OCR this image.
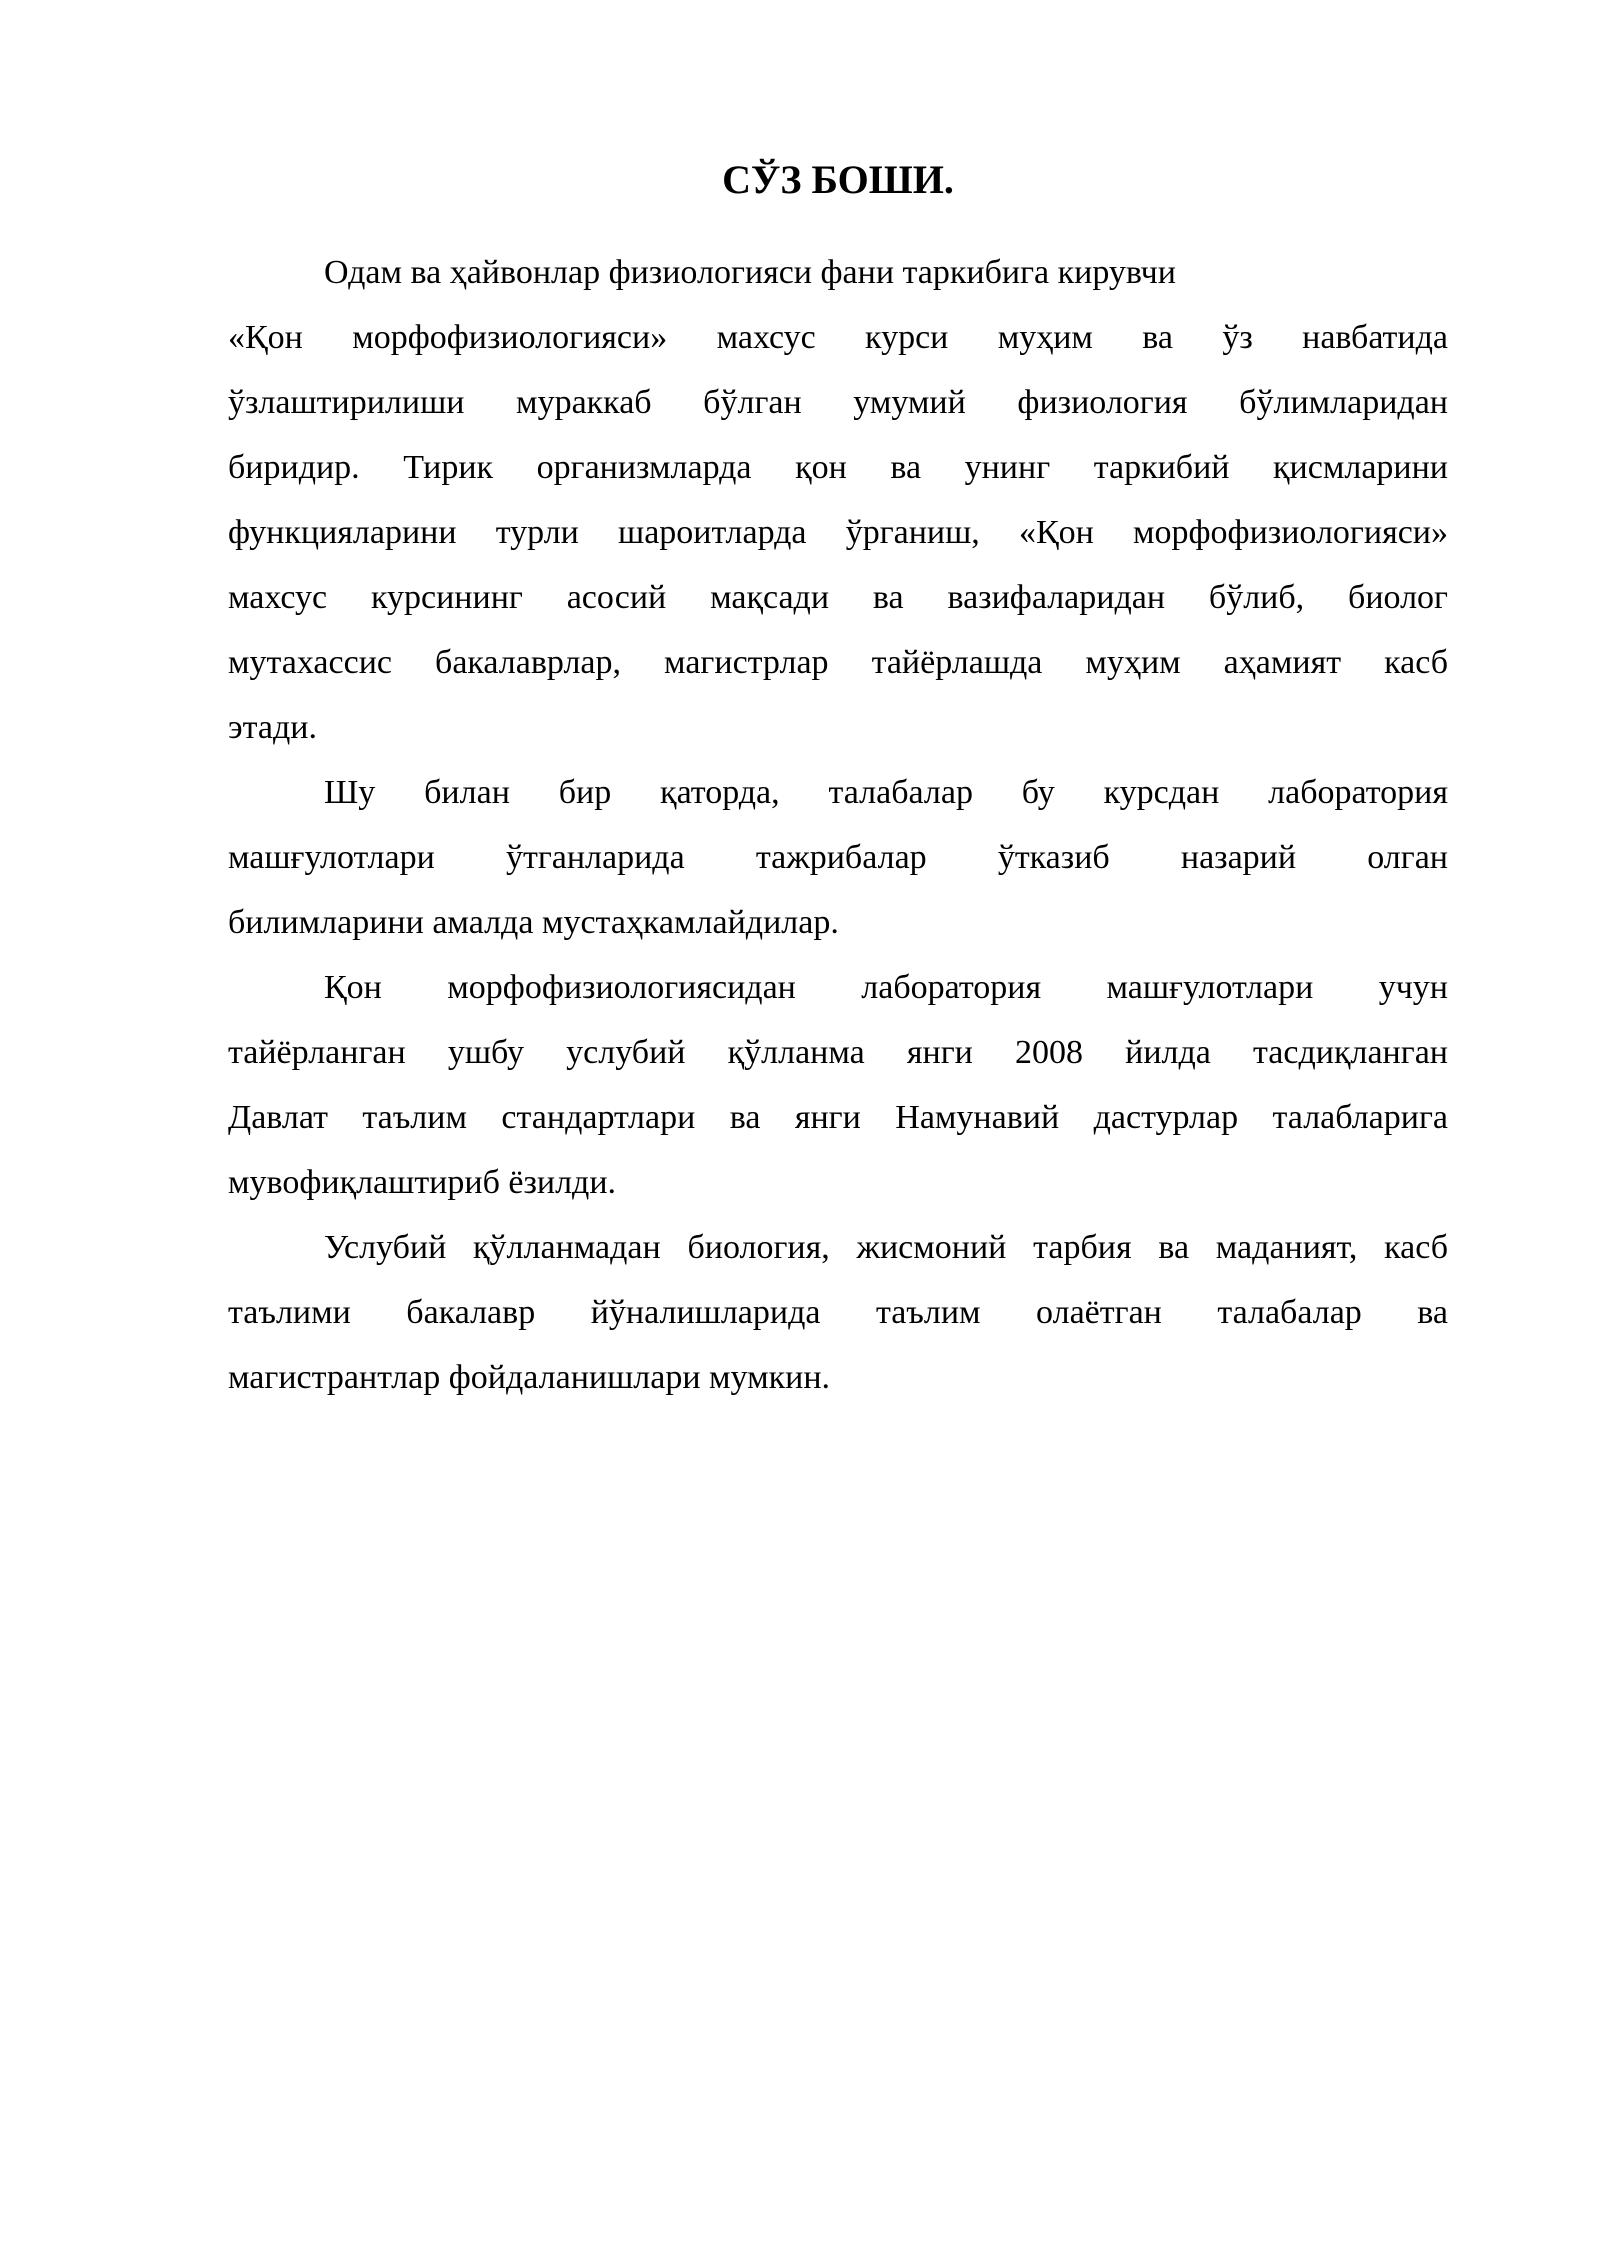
СЎЗ БОШИ.
Одам ва ҳайвонлар физиологияси фани таркибига кирувчи
«Қон морфофизиологияси» махсус курси муҳим ва ўз навбатида
ўзлаштирилиши мураккаб бўлган умумий физиология бўлимларидан
биридир. Тирик организмларда қон ва унинг таркибий қисмларини
функцияларини турли шароитларда ўрганиш, «Қон морфофизиологияси»
махсус курсининг асосий мақсади ва вазифаларидан бўлиб, биолог
мутахассис бакалаврлар, магистрлар тайёрлашда муҳим аҳамият касб
этади.
Шу билан бир қаторда, талабалар бу курсдан лаборатория
машғулотлари ўтганларида тажрибалар ўтказиб назарий олган
билимларини амалда мустаҳкамлайдилар.
Қон морфофизиологиясидан лаборатория машғулотлари учун
тайёрланган ушбу услубий қўлланма янги 2008 йилда тасдиқланган
Давлат таълим стандартлари ва янги Намунавий дастурлар талабларига
мувофиқлаштириб ёзилди.
Услубий қўлланмадан биология, жисмоний тарбия ва маданият, касб
таълими бакалавр йўналишларида таълим олаётган талабалар ва
магистрантлар фойдаланишлари мумкин.
